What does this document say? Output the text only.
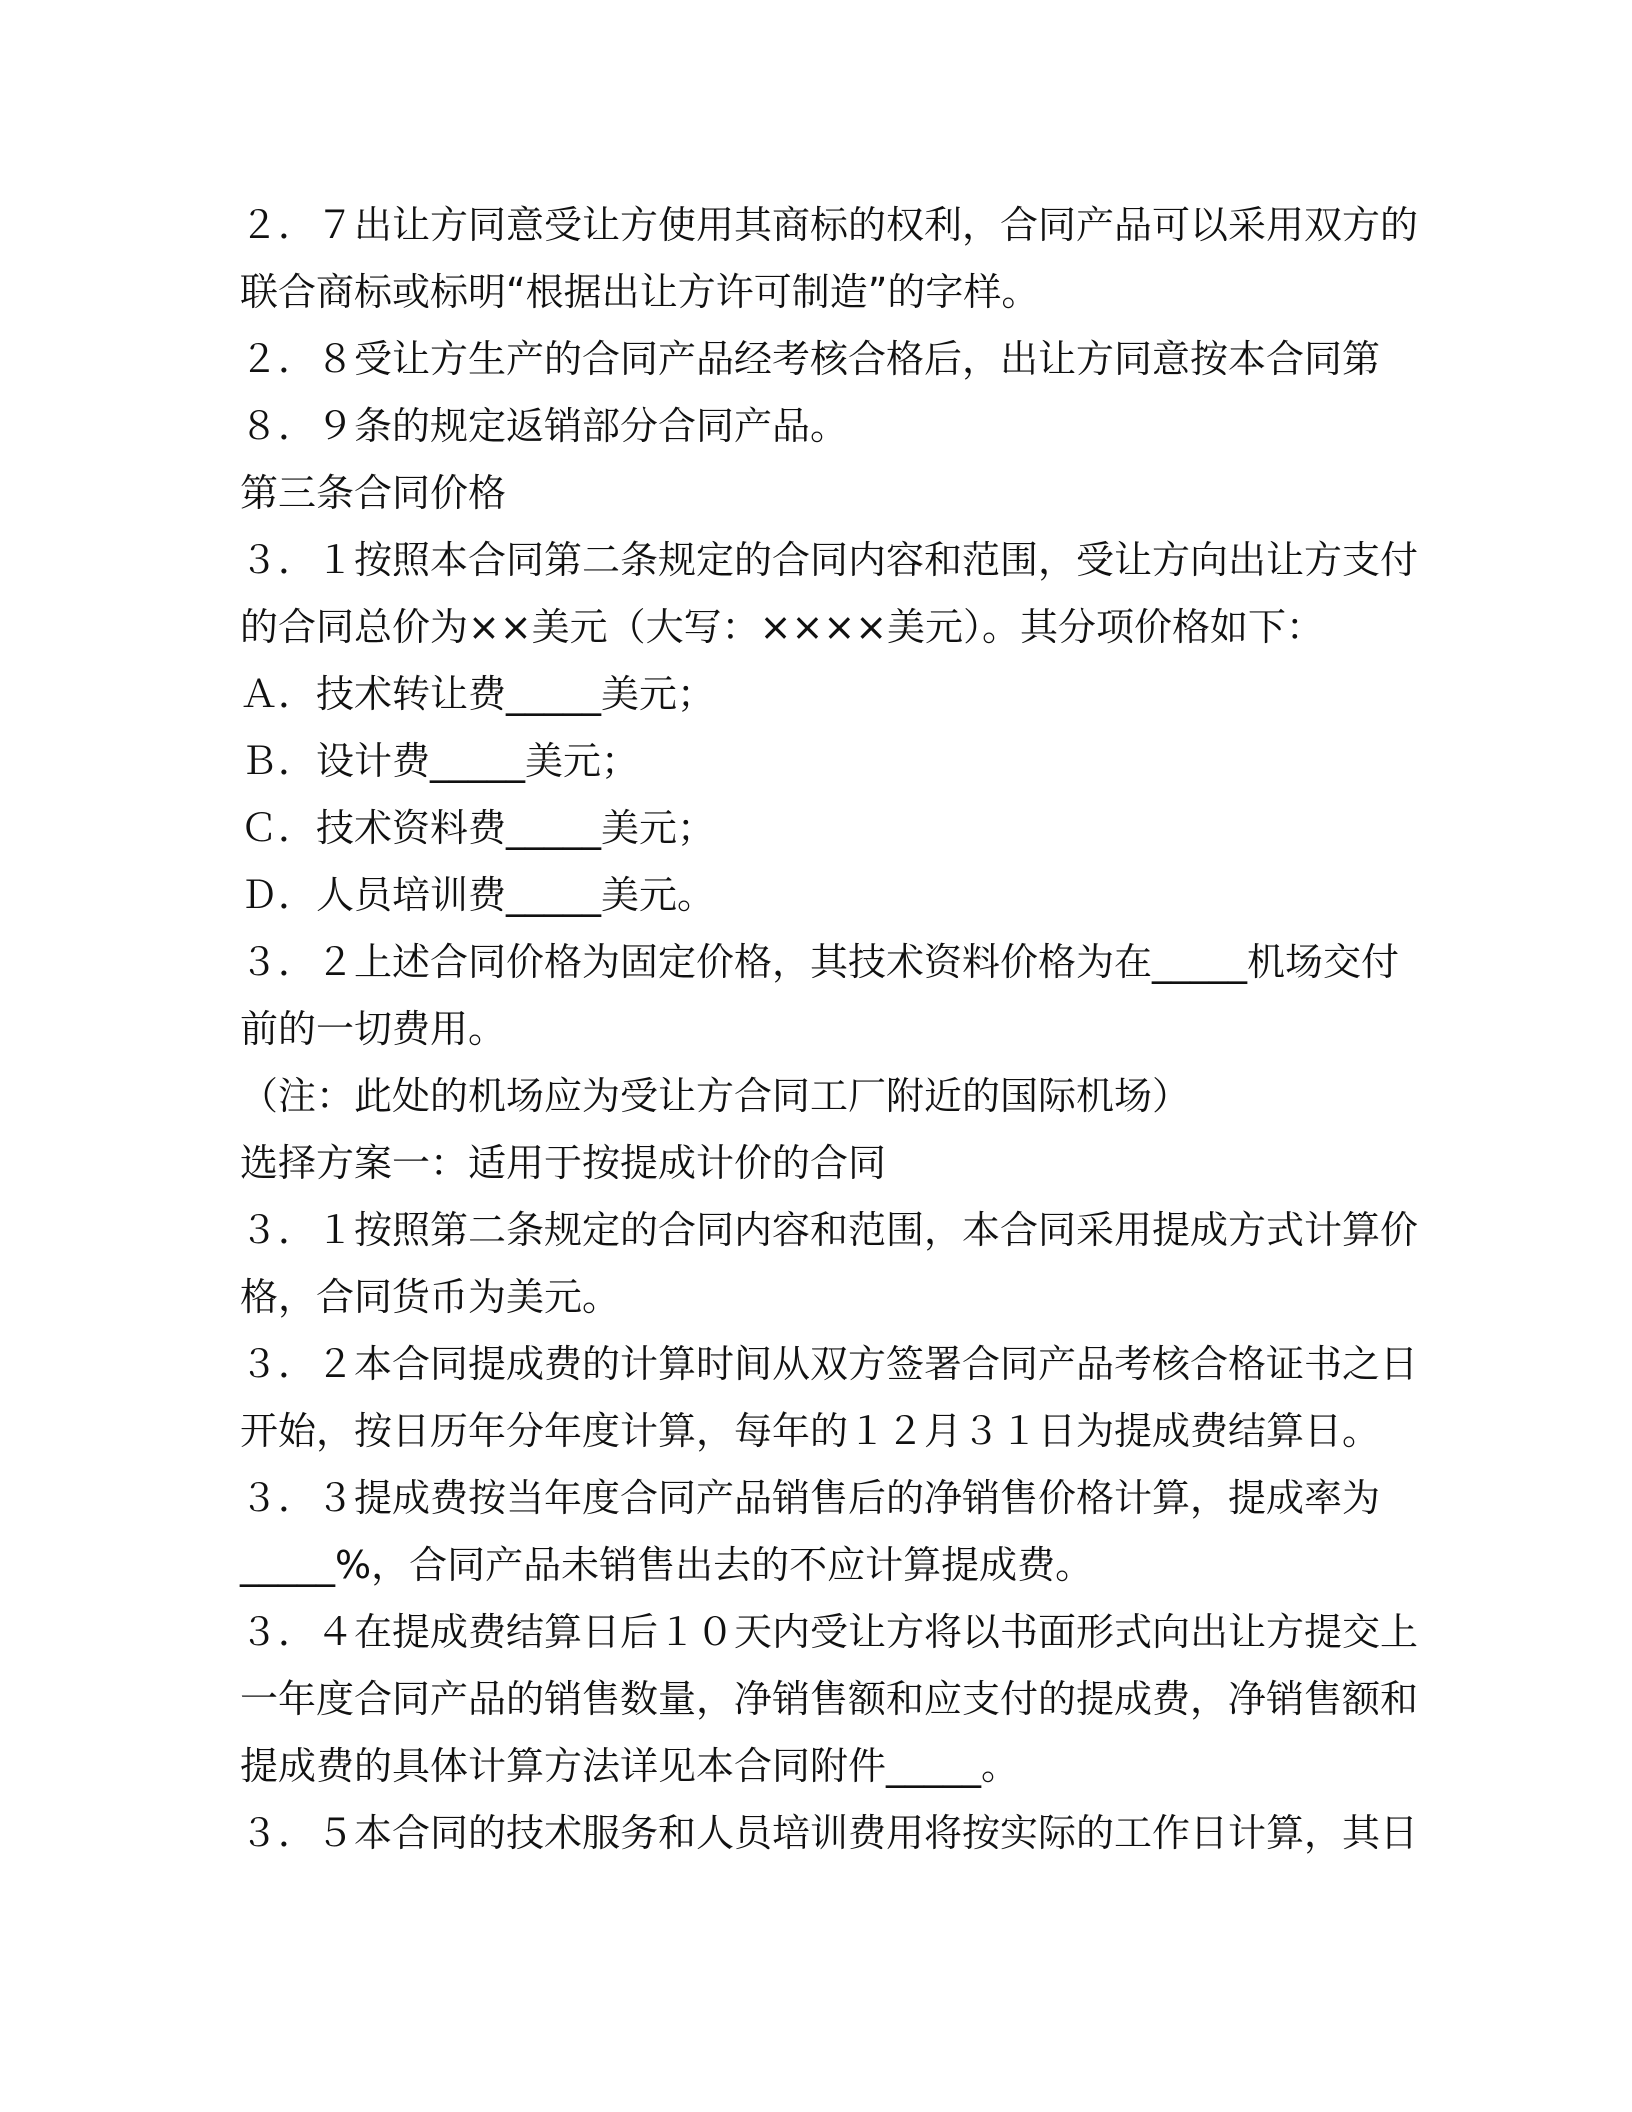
２．７出让方同意受让方使用其商标的权利，合同产品可以采用双方的
联合商标或标明“根据出让方许可制造”的字样。
２．８受让方生产的合同产品经考核合格后，出让方同意按本合同第
８．９条的规定返销部分合同产品。
第三条合同价格
３．１按照本合同第二条规定的合同内容和范围，受让方向出让方支付
的合同总价为××美元（大写：××××美元）。其分项价格如下：
Ａ．技术转让费_____美元；
Ｂ．设计费_____美元；
Ｃ．技术资料费_____美元；
Ｄ．人员培训费_____美元。
３．２上述合同价格为固定价格，其技术资料价格为在_____机场交付
前的一切费用。
（注：此处的机场应为受让方合同工厂附近的国际机场）
选择方案一：适用于按提成计价的合同
３．１按照第二条规定的合同内容和范围，本合同采用提成方式计算价
格，合同货币为美元。
３．２本合同提成费的计算时间从双方签署合同产品考核合格证书之日
开始，按日历年分年度计算，每年的１２月３１日为提成费结算日。
３．３提成费按当年度合同产品销售后的净销售价格计算，提成率为
_____%，合同产品未销售出去的不应计算提成费。
３．４在提成费结算日后１０天内受让方将以书面形式向出让方提交上
一年度合同产品的销售数量，净销售额和应支付的提成费，净销售额和
提成费的具体计算方法详见本合同附件_____。
３．５本合同的技术服务和人员培训费用将按实际的工作日计算，其日
